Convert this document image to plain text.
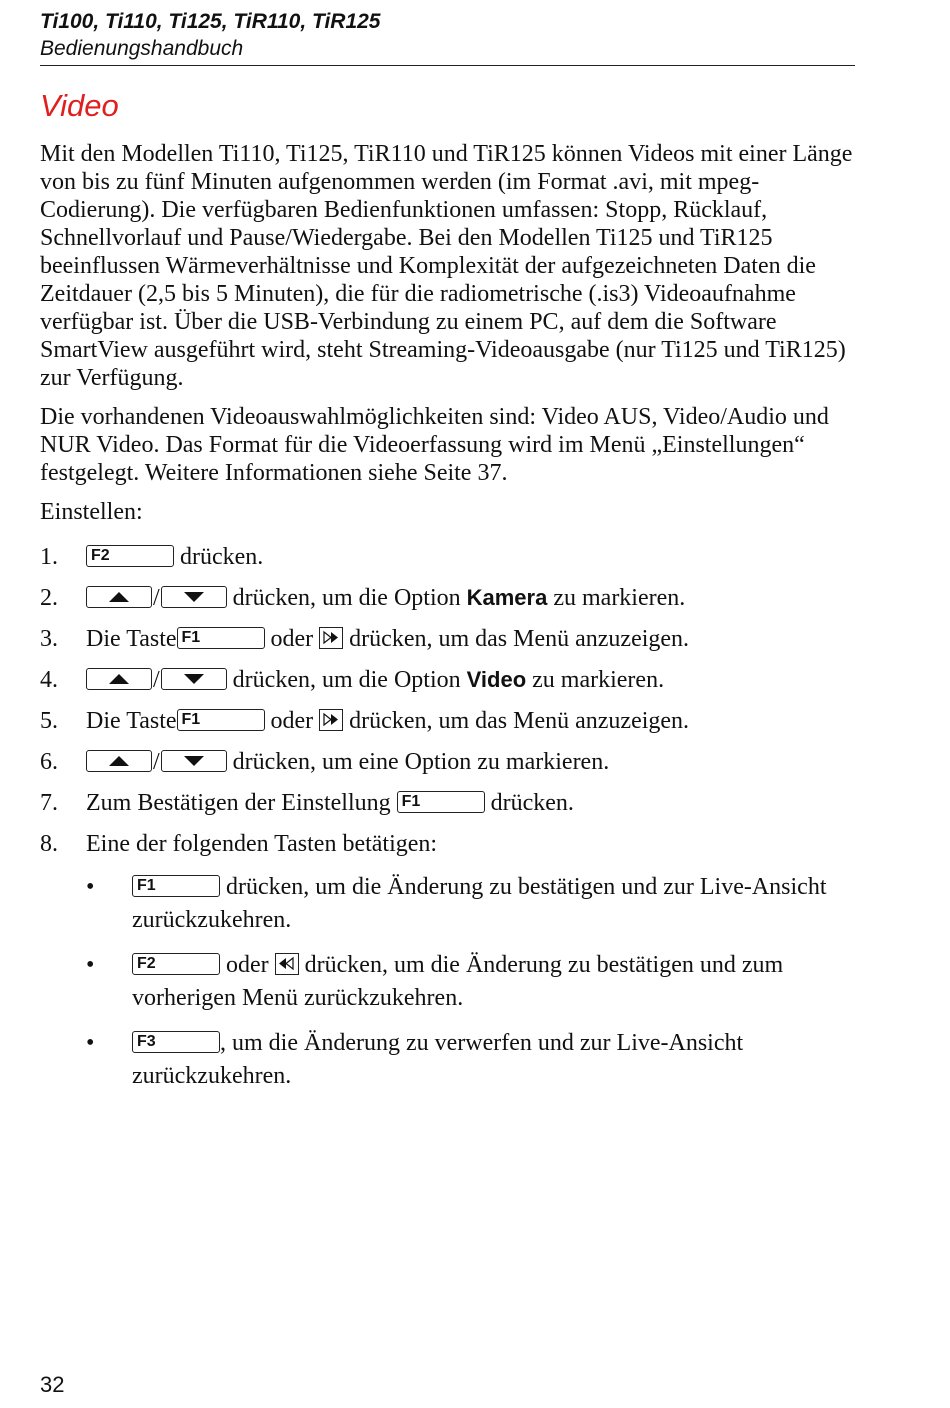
Ti100, Ti110, Ti125, TiR110, TiR125
Bedienungshandbuch
Video

Mit den Modellen Ti110, Ti125, TiR110 und TiR125 können Videos mit einer Länge von bis zu fünf Minuten aufgenommen werden (im Format .avi, mit mpeg-Codierung). Die verfügbaren Bedienfunktionen umfassen: Stopp, Rücklauf, Schnellvorlauf und Pause/Wiedergabe. Bei den Modellen Ti125 und TiR125 beeinflussen Wärmeverhältnisse und Komplexität der aufgezeichneten Daten die Zeitdauer (2,5 bis 5 Minuten), die für die radiometrische (.is3) Videoaufnahme verfügbar ist. Über die USB-Verbindung zu einem PC, auf dem die Software SmartView ausgeführt wird, steht Streaming-Videoausgabe (nur Ti125 und TiR125) zur Verfügung.

Die vorhandenen Videoauswahlmöglichkeiten sind: Video AUS, Video/Audio und NUR Video. Das Format für die Videoerfassung wird im Menü „Einstellungen“ festgelegt. Weitere Informationen siehe Seite 37.

Einstellen:

1. F2	drücken.
2.	/	drücken, um die Option Kamera zu markieren.
3. Die Taste F1	oder drücken, um das Menü anzuzeigen.
4.	/	drücken, um die Option Video zu markieren.
5. Die Taste F1	oder drücken, um das Menü anzuzeigen.
6.	/	drücken, um eine Option zu markieren.
7. Zum Bestätigen der Einstellung F1	drücken.
8. Eine der folgenden Tasten betätigen:
•	F1	drücken, um die Änderung zu bestätigen und zur Live-Ansicht zurückzukehren.
•	F2	oder drücken, um die Änderung zu bestätigen und zum vorherigen Menü zurückzukehren.
•	F3	, um die Änderung zu verwerfen und zur Live-Ansicht zurückzukehren.
32
